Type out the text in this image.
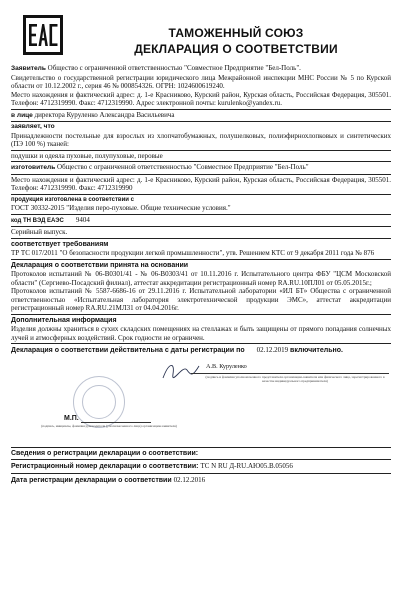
ТАМОЖЕННЫЙ СОЮЗ
ДЕКЛАРАЦИЯ О СООТВЕТСТВИИ
Заявитель Общество с ограниченной ответственностью "Совместное Предприятие "Бел-Поль".
Свидетельство о государственной регистрации юридического лица Межрайонной инспекции МНС России № 5 по Курской области от 10.12.2002 г., серия 46 № 000854326. ОГРН: 1024600619240.
Место нахождения и фактический адрес: д. 1-е Красниково, Курский район, Курская область, Российская Федерация, 305501. Телефон: 4712319990. Факс: 4712319990. Адрес электронной почты: kurulenko@yandex.ru.
в лице директора Куруленко Александра Васильевича
заявляет, что
Принадлежности постельные для взрослых из хлопчатобумажных, полушелковых, полиэфирнохлопковых и синтетических (ПЭ 100 %) тканей:
подушки и одеяла пуховые, полупуховые, перовые
изготовитель Общество с ограниченной ответственностью "Совместное Предприятие "Бел-Поль"
Место нахождения и фактический адрес: д. 1-е Красниково, Курский район, Курская область, Российская Федерация, 305501. Телефон: 4712319990. Факс: 4712319990
продукция изготовлена в соответствии с
ГОСТ 30332-2015 "Изделия перо-пуховые. Общие технические условия."
код ТН ВЭД ЕАЭС 9404
Серийный выпуск.
соответствует требованиям
ТР ТС 017/2011 "О безопасности продукции легкой промышленности", утв. Решением КТС от 9 декабря 2011 года № 876
Декларация о соответствии принята на основании
Протоколов испытаний № 06-В0301/41 - № 06-В0303/41 от 10.11.2016 г. Испытательного центра ФБУ "ЦСМ Московской области" (Сергиево-Посадский филиал), аттестат аккредитации регистрационный номер RA.RU.10ПЛ01 от 05.05.2015г.;
Протоколов испытаний № 5587-6686-16 от 29.11.2016 г. Испытательной лаборатории «ИЛ БТ» Общества с ограниченной ответственностью «Испытательная лаборатория электротехнической продукции ЭМС», аттестат аккредитации регистрационный номер RA.RU.21МЛ31 от 04.04.2016г.
Дополнительная информация
Изделия должны храниться в сухих складских помещениях на стеллажах и быть защищены от прямого попадания солнечных лучей и атмосферных воздействий. Срок годности не ограничен.
Декларация о соответствии действительна с даты регистрации по 02.12.2019 включительно.
А.В. Куруленко
(подпись и фамилия уполномоченного представителя организации-заявителя или физического лица, зарегистрированного в качестве индивидуального предпринимателя)
М.П.
(подпись, инициалы, фамилия руководителя (уполномоченного лица) организации-заявителя)
Сведения о регистрации декларации о соответствии:
Регистрационный номер декларации о соответствии: ТС N RU Д-RU.АЮ05.В.05056
Дата регистрации декларации о соответствии 02.12.2016
